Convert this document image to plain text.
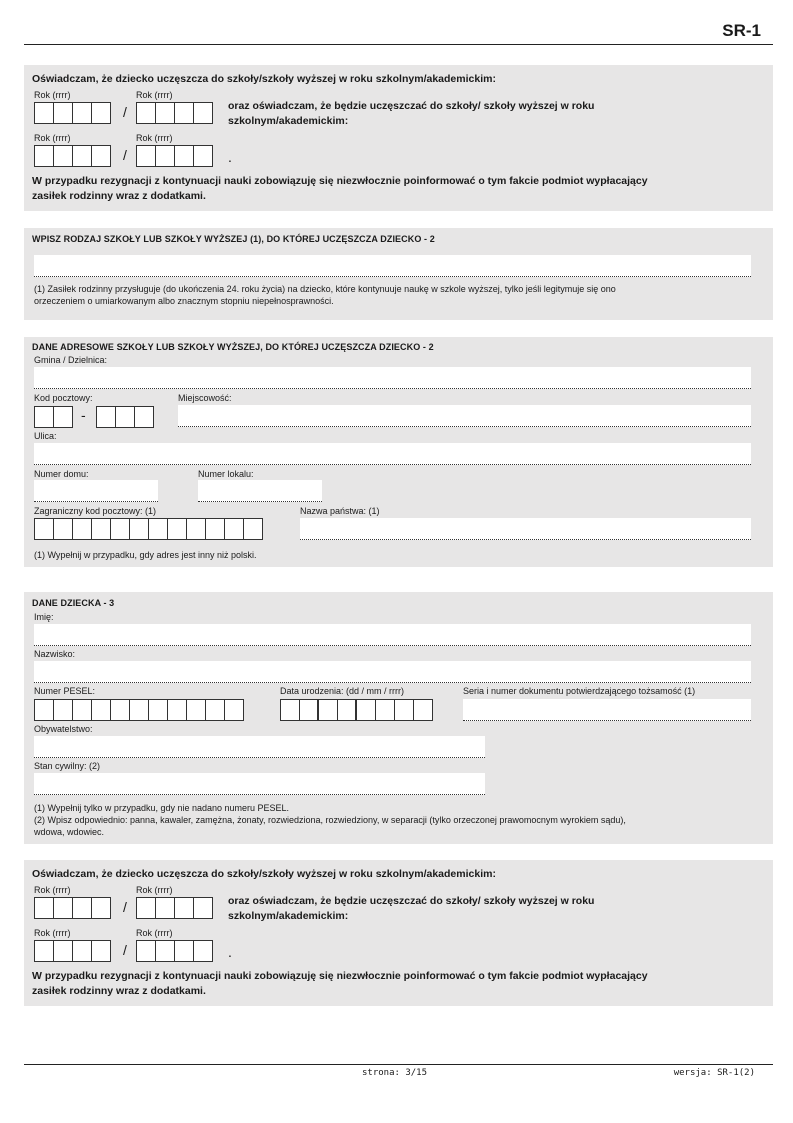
SR-1
Oświadczam, że dziecko uczęszcza do szkoły/szkoły wyższej w roku szkolnym/akademickim:
Rok (rrrr)	Rok (rrrr)
/	oraz oświadczam, że będzie uczęszczać do szkoły/ szkoły wyższej w roku
szkolnym/akademickim:
Rok (rrrr)	Rok (rrrr)
/	.
W przypadku rezygnacji z kontynuacji nauki zobowiązuję się niezwłocznie poinformować o tym fakcie podmiot wypłacający
zasiłek rodzinny wraz z dodatkami.
WPISZ RODZAJ SZKOŁY LUB SZKOŁY WYŻSZEJ (1), DO KTÓREJ UCZĘSZCZA DZIECKO - 2
(1) Zasiłek rodzinny przysługuje (do ukończenia 24. roku życia) na dziecko, które kontynuuje naukę w szkole wyższej, tylko jeśli legitymuje się ono
orzeczeniem o umiarkowanym albo znacznym stopniu niepełnosprawności.
DANE ADRESOWE SZKOŁY LUB SZKOŁY WYŻSZEJ, DO KTÓREJ UCZĘSZCZA DZIECKO - 2
Gmina / Dzielnica:
Kod pocztowy:
-
Miejscowość:
Ulica:
Numer domu:	Numer lokalu:
Zagraniczny kod pocztowy: (1)	Nazwa państwa: (1)
(1) Wypełnij w przypadku, gdy adres jest inny niż polski.
DANE DZIECKA - 3
Imię:
Nazwisko:
Numer PESEL:	Data urodzenia: (dd / mm / rrrr)	Seria i numer dokumentu potwierdzającego tożsamość (1)
Obywatelstwo:
Stan cywilny: (2)
(1) Wypełnij tylko w przypadku, gdy nie nadano numeru PESEL.
(2) Wpisz odpowiednio: panna, kawaler, zamężna, żonaty, rozwiedziona, rozwiedziony, w separacji (tylko orzeczonej prawomocnym wyrokiem sądu),
wdowa, wdowiec.
Oświadczam, że dziecko uczęszcza do szkoły/szkoły wyższej w roku szkolnym/akademickim:
Rok (rrrr)	Rok (rrrr)
/	oraz oświadczam, że będzie uczęszczać do szkoły/ szkoły wyższej w roku
szkolnym/akademickim:
Rok (rrrr)	Rok (rrrr)
/	.
W przypadku rezygnacji z kontynuacji nauki zobowiązuję się niezwłocznie poinformować o tym fakcie podmiot wypłacający
zasiłek rodzinny wraz z dodatkami.
strona: 3/15	wersja: SR-1(2)
